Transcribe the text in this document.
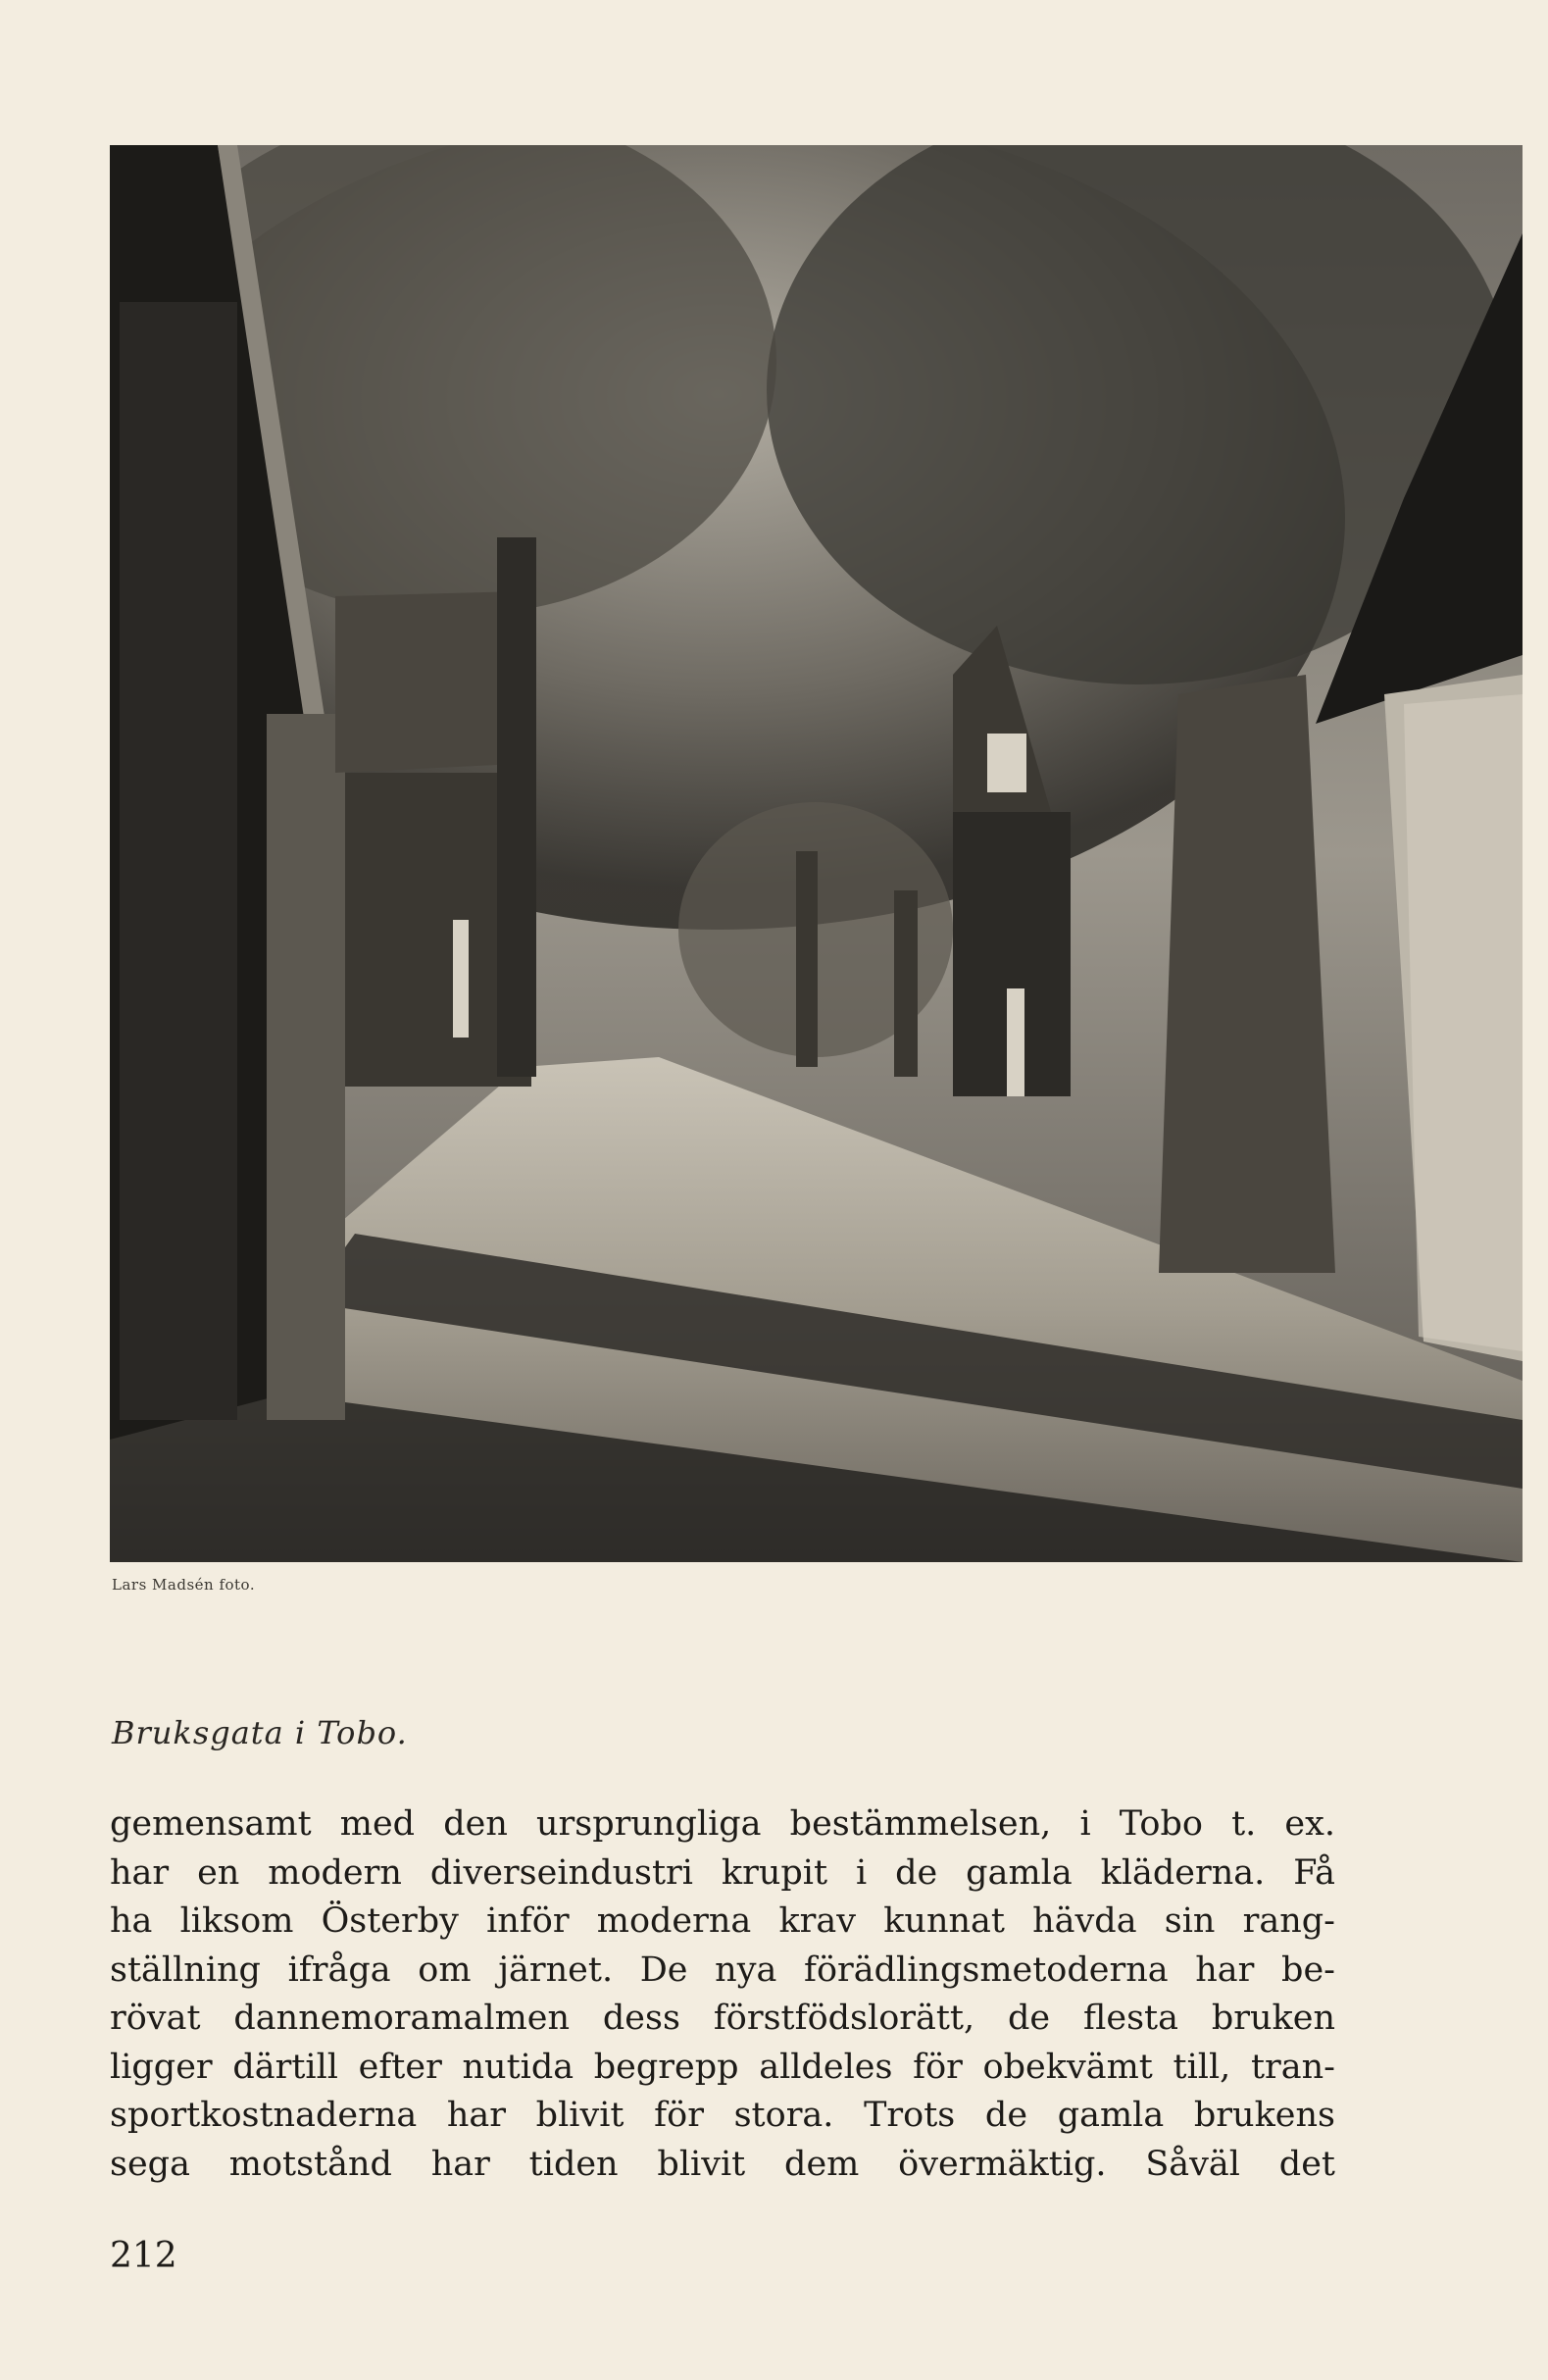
Lars Madsén foto.
Bruksgata i Tobo.
gemensamt med den ursprungliga bestämmelsen, i Tobo t. ex.
har en modern diverseindustri krupit i de gamla kläderna. Få
ha liksom Österby inför moderna krav kunnat hävda sin rang-
ställning ifråga om järnet. De nya förädlingsmetoderna har be-
rövat dannemoramalmen dess förstfödslorätt, de flesta bruken
ligger därtill efter nutida begrepp alldeles för obekvämt till, tran-
sportkostnaderna har blivit för stora. Trots de gamla brukens
sega motstånd har tiden blivit dem övermäktig. Såväl det
212
